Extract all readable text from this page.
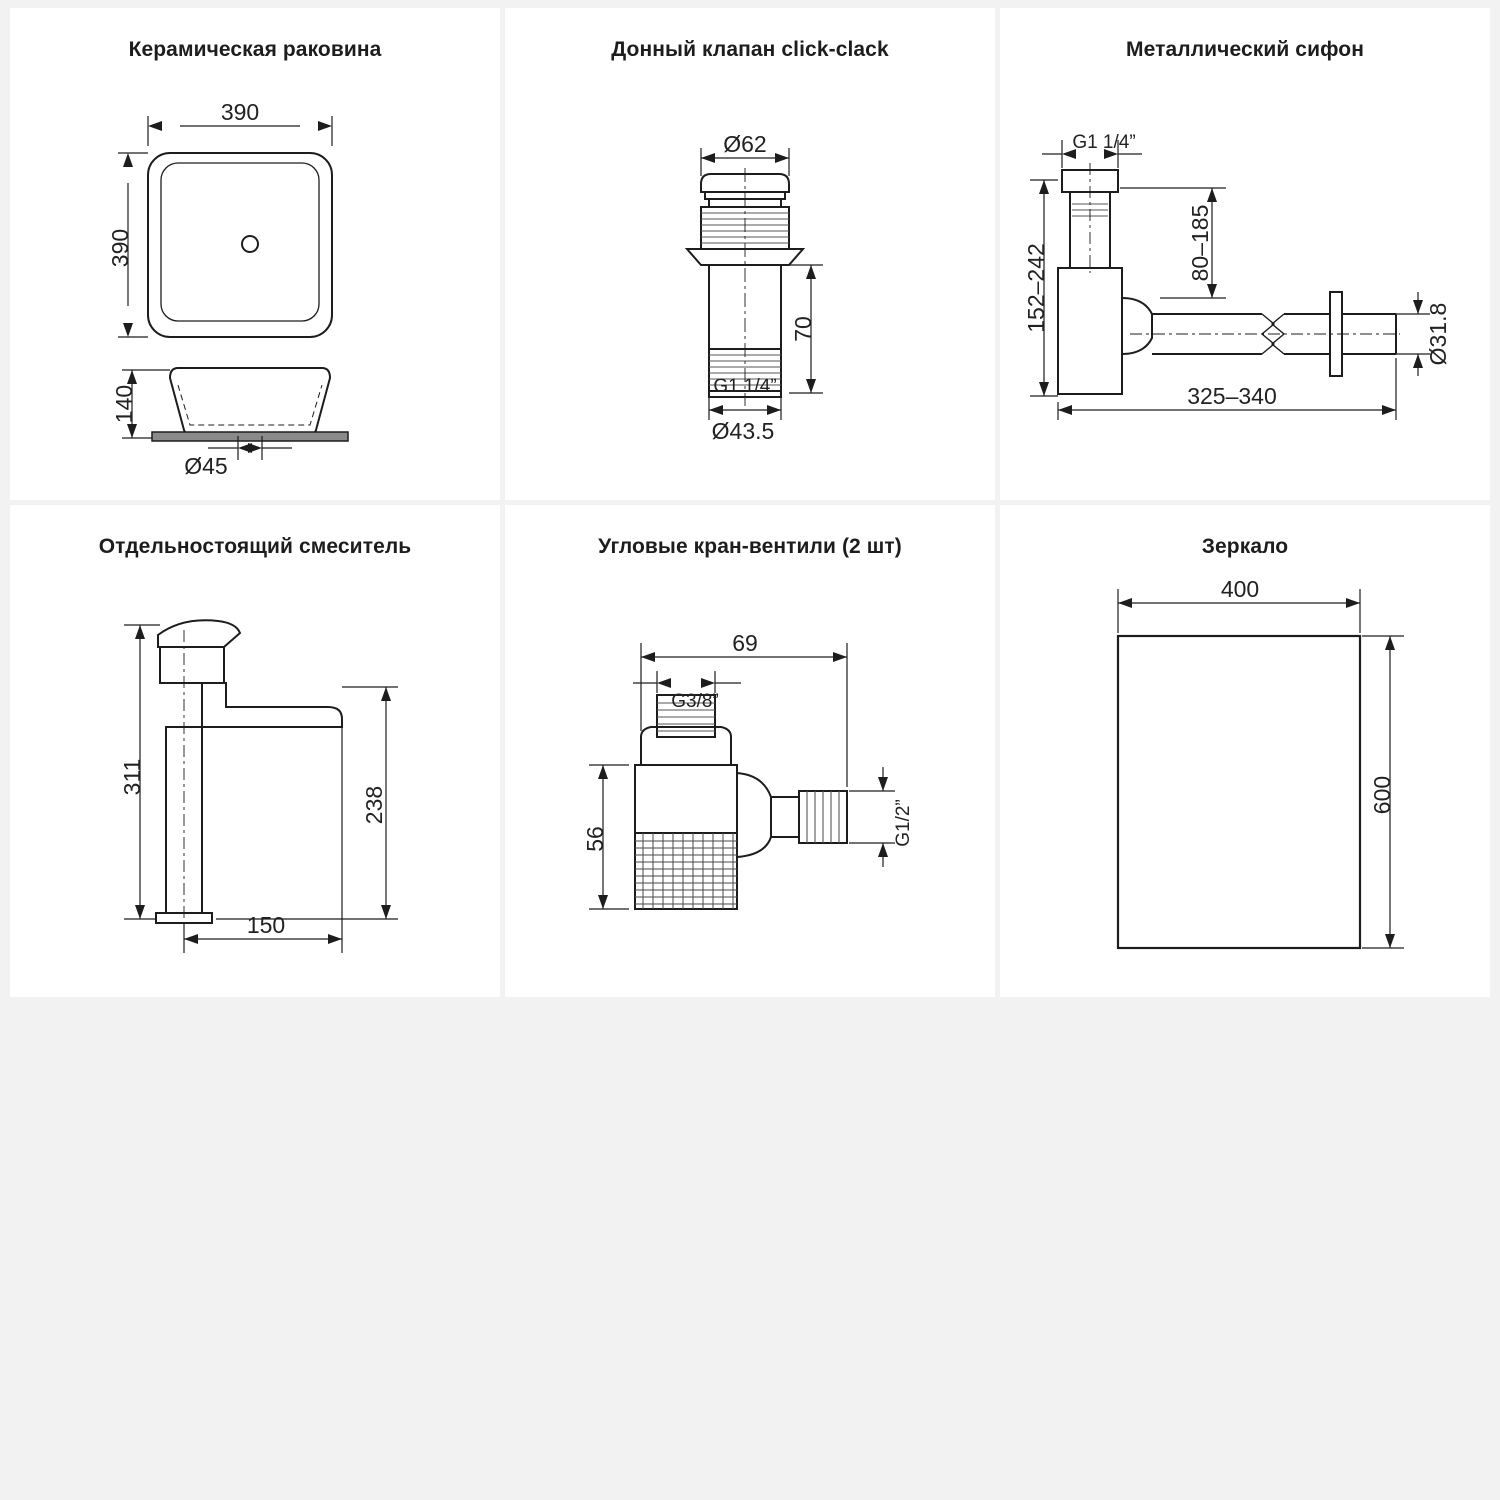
Керамическая раковина
390
390
140
Ø45
Донный клапан click-clack
Ø62
70
G1 1/4”
Ø43.5
Металлический сифон
G1 1/4”
80–185
152–242
Ø31.8
325–340
Отдельностоящий смеситель
311
238
150
Угловые кран-вентили (2 шт)
69
G3/8”
G1/2”
56
Зеркало
400
600
